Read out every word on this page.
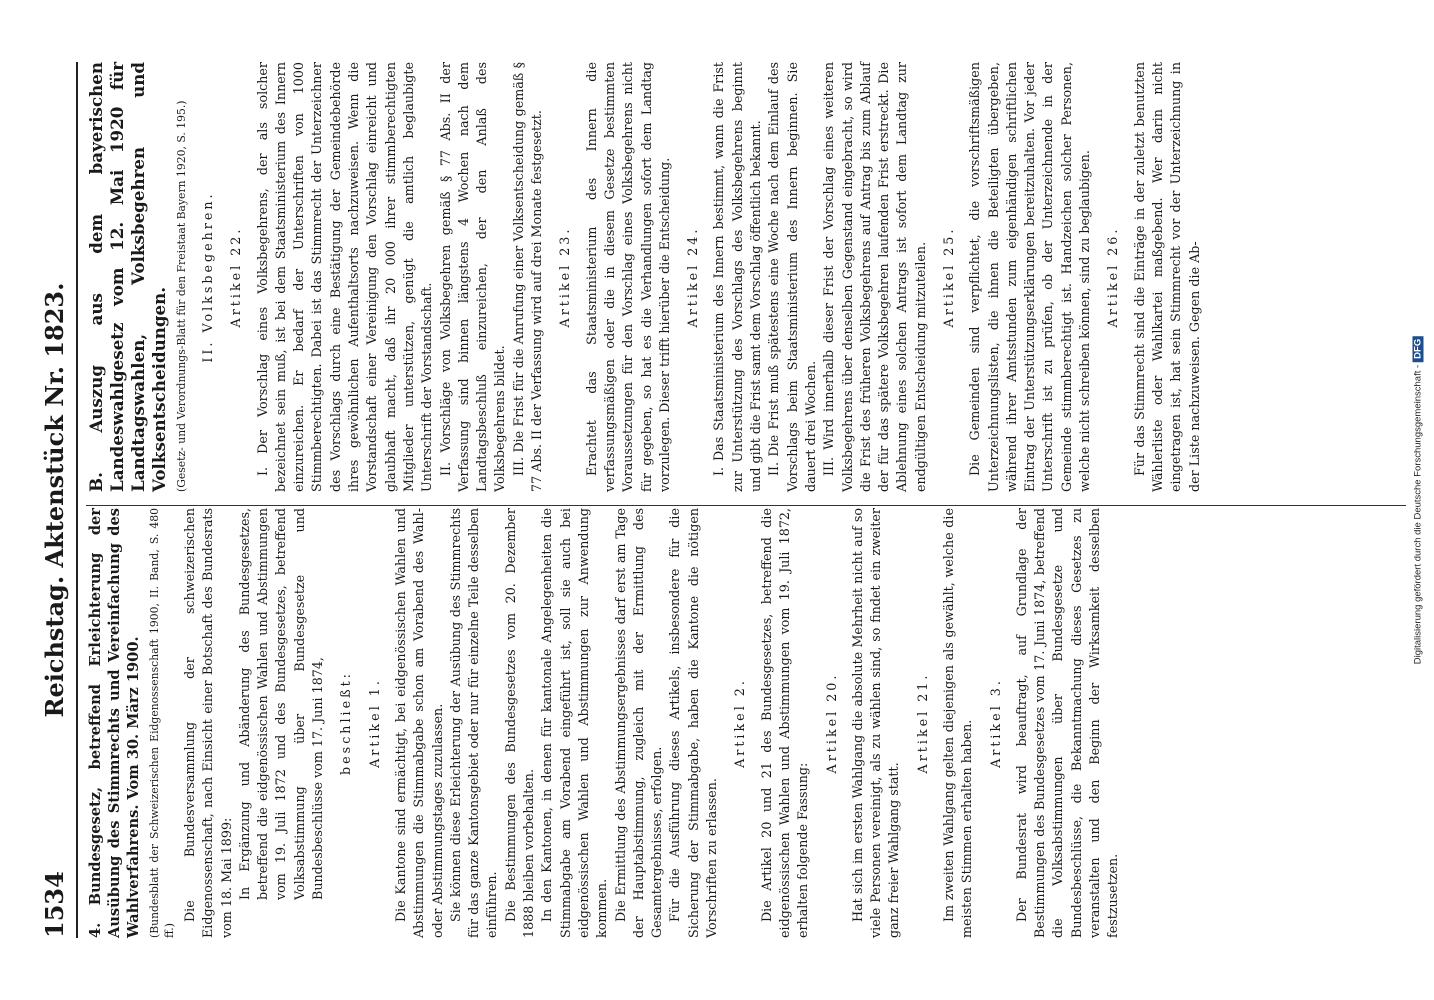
1534
Reichstag. Aktenstück Nr. 1823.

4. Bundesgesetz, betreffend Erleichterung der Ausübung des Stimmrechts und Vereinfachung des Wahlverfahrens. Vom 30. März 1900. (Bundesblatt der Schweizerischen Eidgenossenschaft 1900, II. Band, S. 480 ff.)

Die Bundesversammlung der schweizerischen Eidgenossenschaft, nach Einsicht einer Botschaft des Bundesrats vom 18. Mai 1899: In Ergänzung und Abänderung des Bundesgesetzes, betreffend die eidgenössischen Wahlen und Abstimmungen vom 19. Juli 1872 und des Bundesgesetzes, betreffend Volksabstimmung über Bundesgesetze und Bundesbeschlüsse vom 17. Juni 1874, beschließt: Artikel 1. Die Kantone sind ermächtigt, bei eidgenössischen Wahlen und Abstimmungen die Stimmabgabe schon am Vorabend des Wahl- oder Abstimmungstages zuzulassen. Sie können diese Erleichterung der Ausübung des Stimmrechts für das ganze Kantonsgebiet oder nur für einzelne Teile desselben einführen. Die Bestimmungen des Bundesgesetzes vom 20. Dezember 1888 bleiben vorbehalten. In den Kantonen, in denen für kantonale Angelegenheiten die Stimmabgabe am Vorabend eingeführt ist, soll sie auch bei eidgenössischen Wahlen und Abstimmungen zur Anwendung kommen. Die Ermittlung des Abstimmungsergebnisses darf erst am Tage der Hauptabstimmung, zugleich mit der Ermittlung des Gesamtergebnisses, erfolgen. Für die Ausführung dieses Artikels, insbesondere für die Sicherung der Stimmabgabe, haben die Kantone die nötigen Vorschriften zu erlassen.

Artikel 2. Die Artikel 20 und 21 des Bundesgesetzes, betreffend die eidgenössischen Wahlen und Abstimmungen vom 19. Juli 1872, erhalten folgende Fassung:

Artikel 20. Hat sich im ersten Wahlgang die absolute Mehrheit nicht auf so viele Personen vereinigt, als zu wählen sind, so findet ein zweiter ganz freier Wahlgang statt.

Artikel 21. Im zweiten Wahlgang gelten diejenigen als gewählt, welche die meisten Stimmen erhalten haben. Artikel 3. Der Bundesrat wird beauftragt, auf Grundlage der Bestimmungen des Bundesgesetzes vom 17. Juni 1874, betreffend die Volksabstimmungen über Bundesgesetze und Bundesbeschlüsse, die Bekanntmachung dieses Gesetzes zu veranstalten und den Beginn der Wirksamkeit desselben festzusetzen.

B. Auszug aus dem bayerischen Landeswahlgesetz vom 12. Mai 1920 für Landtagswahlen, Volksbegehren und Volksentscheidungen. (Gesetz- und Verordnungs-Blatt für den Freistaat Bayern 1920, S. 195.) II. Volksbegehren. Artikel 22. I. Der Vorschlag eines Volksbegehrens, der als solcher bezeichnet sein muß, ist bei dem Staatsministerium des Innern einzureichen. Er bedarf der Unterschriften von 1000 Stimmberechtigten. Dabei ist das Stimmrecht der Unterzeichner des Vorschlags durch eine Bestätigung der Gemeindebehörde ihres gewöhnlichen Aufenthaltsorts nachzuweisen. Wenn die Vorstandschaft einer Vereinigung den Vorschlag einreicht und glaubhaft macht, daß ihr 20 000 ihrer stimmberechtigten Mitglieder unterstützen, genügt die amtlich beglaubigte Unterschrift der Vorstandschaft. II. Vorschläge von Volksbegehren gemäß § 77 Abs. II der Verfassung sind binnen längstens 4 Wochen nach dem Landtagsbeschluß einzureichen, der den Anlaß des Volksbegehrens bildet. III. Die Frist für die Anrufung einer Volksentscheidung gemäß § 77 Abs. II der Verfassung wird auf drei Monate festgesetzt. Artikel 23. Erachtet das Staatsministerium des Innern die verfassungsmäßigen oder die in diesem Gesetze bestimmten Voraussetzungen für den Vorschlag eines Volksbegehrens nicht für gegeben, so hat es die Verhandlungen sofort dem Landtag vorzulegen. Dieser trifft hierüber die Entscheidung. Artikel 24. I. Das Staatsministerium des Innern bestimmt, wann die Frist zur Unterstützung des Vorschlags des Volksbegehrens beginnt und gibt die Frist samt dem Vorschlag öffentlich bekannt. II. Die Frist muß spätestens eine Woche nach dem Einlauf des Vorschlags beim Staatsministerium des Innern beginnen. Sie dauert drei Wochen. III. Wird innerhalb dieser Frist der Vorschlag eines weiteren Volksbegehrens über denselben Gegenstand eingebracht, so wird die Frist des früheren Volksbegehrens auf Antrag bis zum Ablauf der für das spätere Volksbegehren laufenden Frist erstreckt. Die Ablehnung eines solchen Antrags ist sofort dem Landtag zur endgültigen Entscheidung mitzuteilen. Artikel 25. Die Gemeinden sind verpflichtet, die vorschriftsmäßigen Unterzeichnungslisten, die ihnen die Beteiligten übergeben, während ihrer Amtsstunden zum eigenhändigen schriftlichen Eintrag der Unterstützungserklärungen bereitzuhalten. Vor jeder Unterschrift ist zu prüfen, ob der Unterzeichnende in der Gemeinde stimmberechtigt ist. Handzeichen solcher Personen, welche nicht schreiben können, sind zu beglaubigen. Artikel 26. Für das Stimmrecht sind die Einträge in der zuletzt benutzten Wählerliste oder Wahlkartei maßgebend. Wer darin nicht eingetragen ist, hat sein Stimmrecht vor der Unterzeichnung in der Liste nachzuweisen. Gegen die Ab-	Digitalisierung gefördert durch die Deutsche Forschungsgemeinschaft -DFG
